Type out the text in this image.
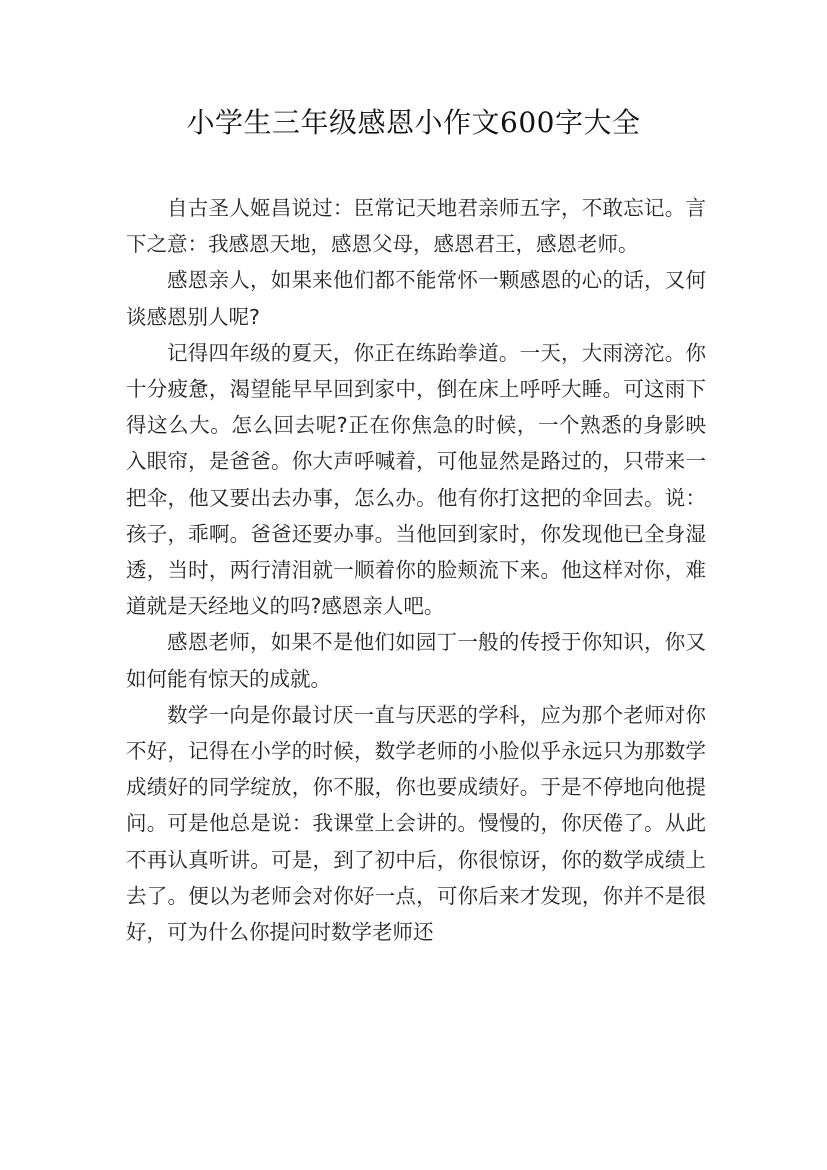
小学生三年级感恩小作文600字大全

自古圣人姬昌说过：臣常记天地君亲师五字，不敢忘记。言下之意：我感恩天地，感恩父母，感恩君王，感恩老师。

感恩亲人，如果来他们都不能常怀一颗感恩的心的话，又何谈感恩别人呢?

记得四年级的夏天，你正在练跆拳道。一天，大雨滂沱。你十分疲惫，渴望能早早回到家中，倒在床上呼呼大睡。可这雨下得这么大。怎么回去呢?正在你焦急的时候，一个熟悉的身影映入眼帘，是爸爸。你大声呼喊着，可他显然是路过的，只带来一把伞，他又要出去办事，怎么办。他有你打这把的伞回去。说：孩子，乖啊。爸爸还要办事。当他回到家时，你发现他已全身湿透，当时，两行清泪就一顺着你的脸颊流下来。他这样对你，难道就是天经地义的吗?感恩亲人吧。

感恩老师，如果不是他们如园丁一般的传授于你知识，你又如何能有惊天的成就。

数学一向是你最讨厌一直与厌恶的学科，应为那个老师对你不好，记得在小学的时候，数学老师的小脸似乎永远只为那数学成绩好的同学绽放，你不服，你也要成绩好。于是不停地向他提问。可是他总是说：我课堂上会讲的。慢慢的，你厌倦了。从此不再认真听讲。可是，到了初中后，你很惊讶，你的数学成绩上去了。便以为老师会对你好一点，可你后来才发现，你并不是很好，可为什么你提问时数学老师还
